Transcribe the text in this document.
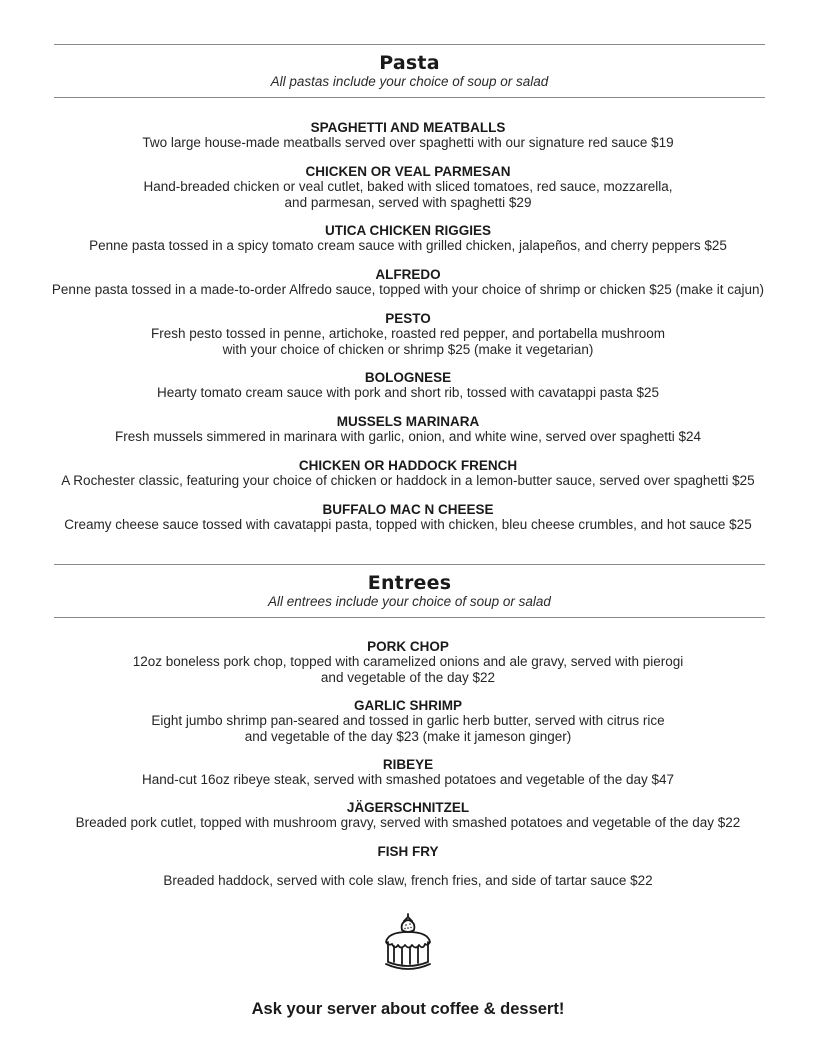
Pasta
All pastas include your choice of soup or salad
SPAGHETTI AND MEATBALLS
Two large house-made meatballs served over spaghetti with our signature red sauce $19
CHICKEN OR VEAL PARMESAN
Hand-breaded chicken or veal cutlet, baked with sliced tomatoes, red sauce, mozzarella,
and parmesan, served with spaghetti $29
UTICA CHICKEN RIGGIES
Penne pasta tossed in a spicy tomato cream sauce with grilled chicken, jalapeños, and cherry peppers $25
ALFREDO
Penne pasta tossed in a made-to-order Alfredo sauce, topped with your choice of shrimp or chicken $25 (make it cajun)
PESTO
Fresh pesto tossed in penne, artichoke, roasted red pepper, and portabella mushroom
with your choice of chicken or shrimp $25 (make it vegetarian)
BOLOGNESE
Hearty tomato cream sauce with pork and short rib, tossed with cavatappi pasta $25
MUSSELS MARINARA
Fresh mussels simmered in marinara with garlic, onion, and white wine, served over spaghetti $24
CHICKEN OR HADDOCK FRENCH
A Rochester classic, featuring your choice of chicken or haddock in a lemon-butter sauce, served over spaghetti $25
BUFFALO MAC N CHEESE
Creamy cheese sauce tossed with cavatappi pasta, topped with chicken, bleu cheese crumbles, and hot sauce $25
Entrees
All entrees include your choice of soup or salad
PORK CHOP
12oz boneless pork chop, topped with caramelized onions and ale gravy, served with pierogi
and vegetable of the day $22
GARLIC SHRIMP
Eight jumbo shrimp pan-seared and tossed in garlic herb butter, served with citrus rice
and vegetable of the day $23 (make it jameson ginger)
RIBEYE
Hand-cut 16oz ribeye steak, served with smashed potatoes and vegetable of the day $47
JÄGERSCHNITZEL
Breaded pork cutlet, topped with mushroom gravy, served with smashed potatoes and vegetable of the day $22
FISH FRY
Breaded haddock, served with cole slaw, french fries, and side of tartar sauce $22
Ask your server about coffee & dessert!
